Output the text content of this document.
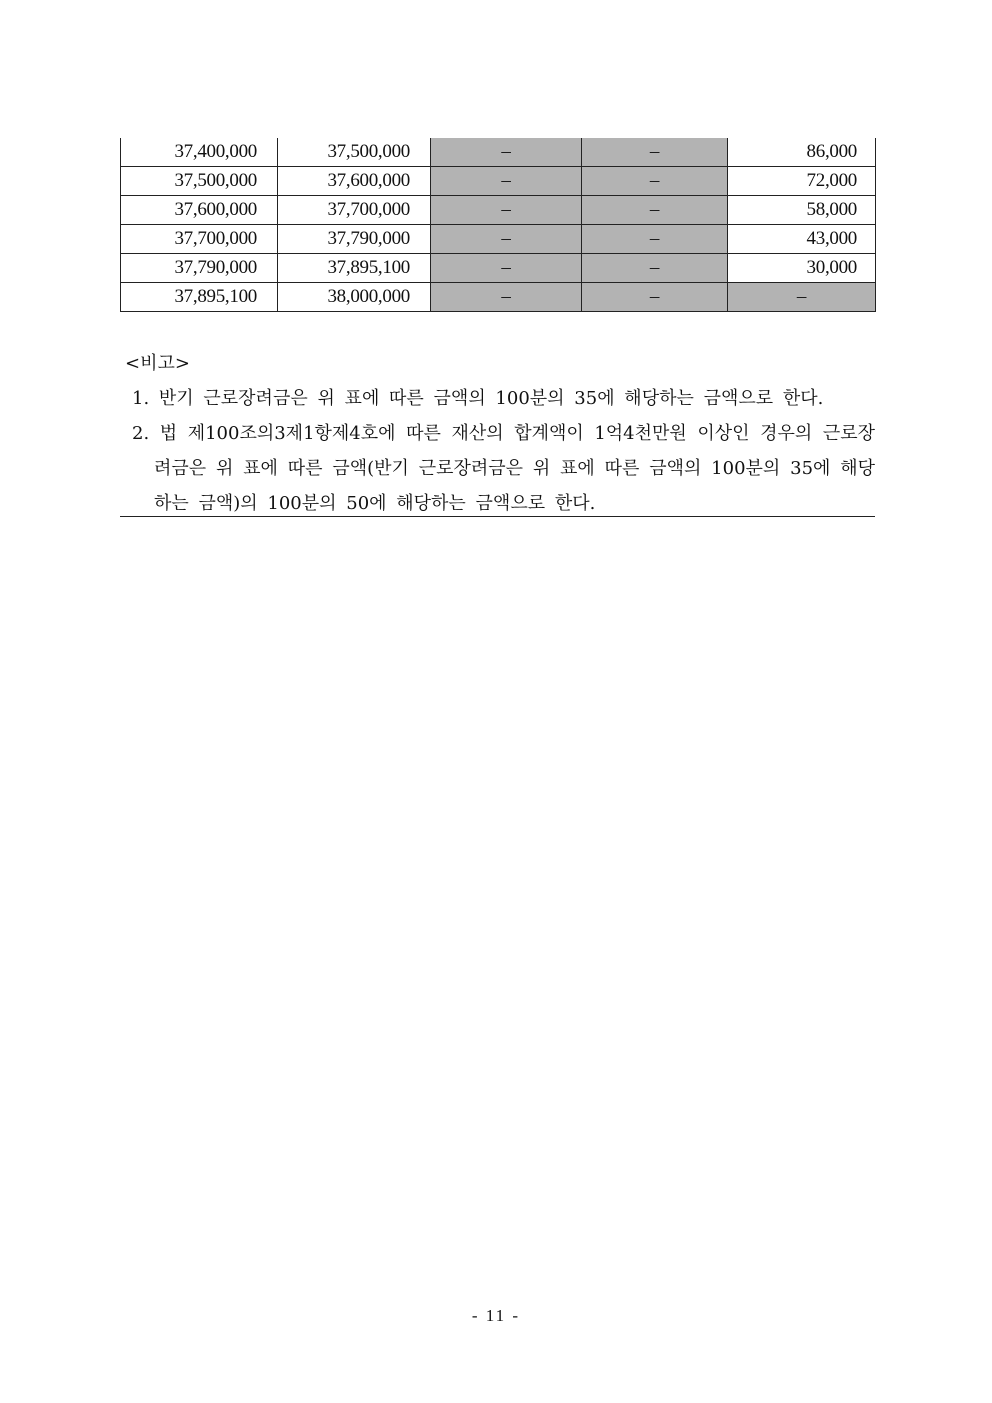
37,400,000	37,500,000	–	–	86,000
37,500,000	37,600,000	–	–	72,000
37,600,000	37,700,000	–	–	58,000
37,700,000	37,790,000	–	–	43,000
37,790,000	37,895,100	–	–	30,000
37,895,100	38,000,000	–	–	–
<비고>
1. 반기 근로장려금은 위 표에 따른 금액의 100분의 35에 해당하는 금액으로 한다.
2. 법 제100조의3제1항제4호에 따른 재산의 합계액이 1억4천만원 이상인 경우의 근로장려금은 위 표에 따른 금액(반기 근로장려금은 위 표에 따른 금액의 100분의 35에 해당하는 금액)의 100분의 50에 해당하는 금액으로 한다.
- 11 -
